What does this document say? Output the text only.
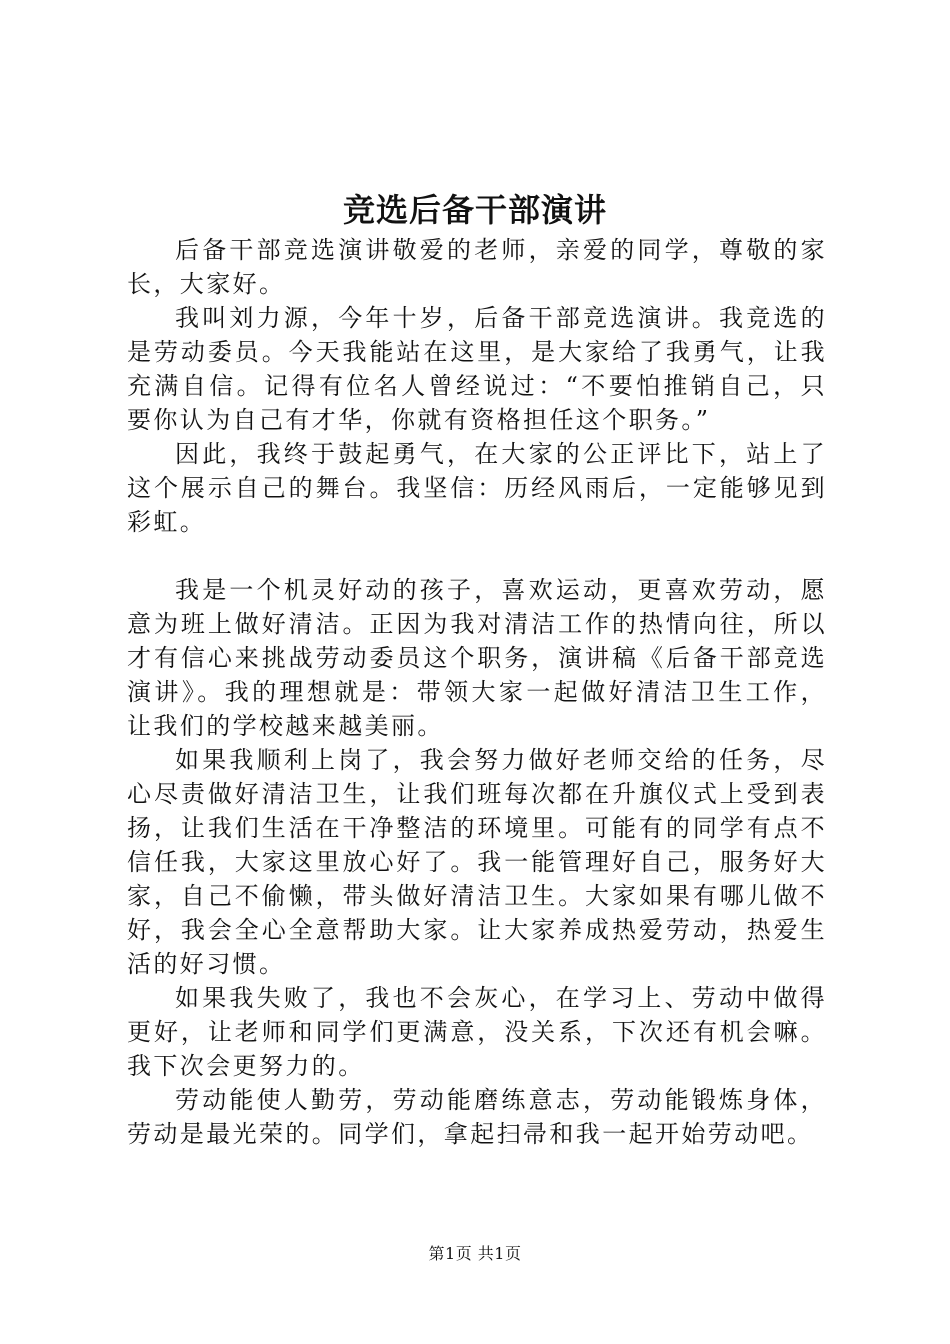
竞选后备干部演讲

后备干部竞选演讲敬爱的老师，亲爱的同学，尊敬的家长，大家好。

我叫刘力源，今年十岁，后备干部竞选演讲。我竞选的是劳动委员。今天我能站在这里，是大家给了我勇气，让我充满自信。记得有位名人曾经说过：“不要怕推销自己，只要你认为自己有才华，你就有资格担任这个职务。”

因此，我终于鼓起勇气，在大家的公正评比下，站上了这个展示自己的舞台。我坚信：历经风雨后，一定能够见到彩虹。

我是一个机灵好动的孩子，喜欢运动，更喜欢劳动，愿意为班上做好清洁。正因为我对清洁工作的热情向往，所以才有信心来挑战劳动委员这个职务，演讲稿《后备干部竞选演讲》。我的理想就是：带领大家一起做好清洁卫生工作，让我们的学校越来越美丽。

如果我顺利上岗了，我会努力做好老师交给的任务，尽心尽责做好清洁卫生，让我们班每次都在升旗仪式上受到表扬，让我们生活在干净整洁的环境里。可能有的同学有点不信任我，大家这里放心好了。我一能管理好自己，服务好大家，自己不偷懒，带头做好清洁卫生。大家如果有哪儿做不好，我会全心全意帮助大家。让大家养成热爱劳动，热爱生活的好习惯。

如果我失败了，我也不会灰心，在学习上、劳动中做得更好，让老师和同学们更满意，没关系，下次还有机会嘛。我下次会更努力的。

劳动能使人勤劳，劳动能磨练意志，劳动能锻炼身体，劳动是最光荣的。同学们，拿起扫帚和我一起开始劳动吧。

第1页 共1页
